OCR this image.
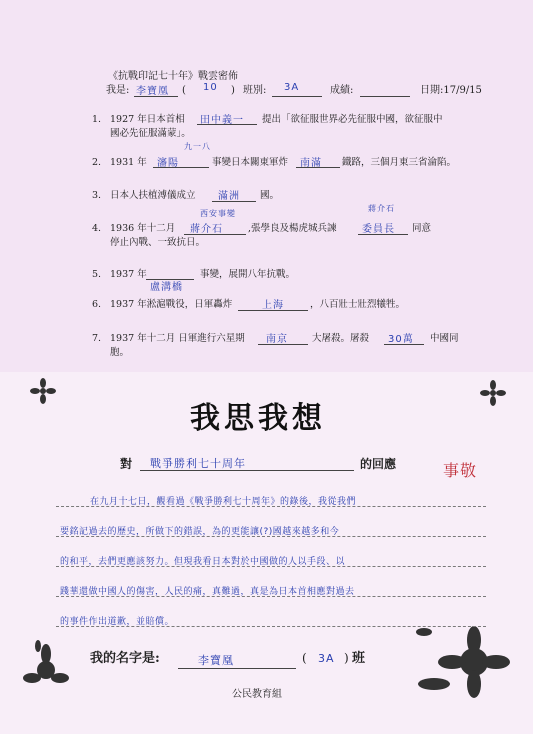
《抗戰印記七十年》戰雲密佈
我是: 李寶凰 ( 10 ) 班別: 3A	成績:	日期:17/9/15
1. 1927 年日本首相 田中義一 提出「欲征服世界必先征服中國，欲征服中
國必先征服滿蒙」。
九一八
2. 1931 年 瀋陽	事變日本關東軍炸 南滿 鐵路，三個月東三省淪陷。
3. 日本人扶植溥儀成立 滿洲 國。
西安事變
蔣介石
4. 1936 年十二月 蔣介石	,張學良及楊虎城兵諫	委員長 同意
停止內戰、一致抗日。
5. 1937 年
盧溝橋
事變，展開八年抗戰。
6. 1937 年淞滬戰役，日軍轟炸	上海	，八百壯士壯烈犧牲。
7. 1937 年十二月 日軍進行六星期 南京	大屠殺。屠殺 30萬 中國同
胞。
我思我想
對 戰爭勝利七十周年	的回應	事敬
在九月十七日，觀看過《戰爭勝利七十周年》的錄後，我從我們
要銘記過去的歷史，所做下的錯誤，為的更能讓(?)國越來越多和今
的和平，去們更應該努力。但現我看日本對於中國做的人以手段、以
踐華還做中國人的傷害，人民的痛，真難過，真是為日本首相應對過去
的事件作出道歉，並賠償。
我的名字是:	李寶凰	( 3A ) 班
公民教育組
